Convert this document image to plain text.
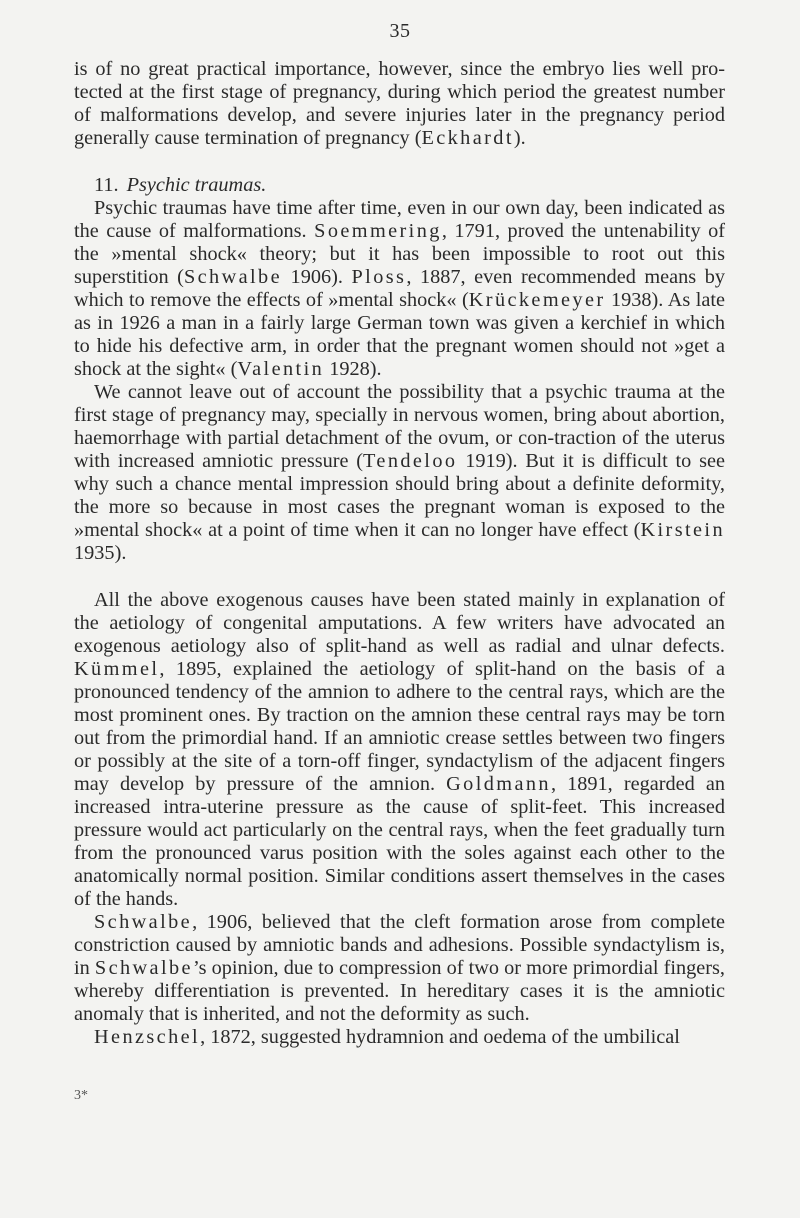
35

is of no great practical importance, however, since the embryo lies well pro-tected at the first stage of pregnancy, during which period the greatest number of malformations develop, and severe injuries later in the pregnancy period generally cause termination of pregnancy (Eckhardt).

11. Psychic traumas.

Psychic traumas have time after time, even in our own day, been indicated as the cause of malformations. Soemmering, 1791, proved the untenability of the »mental shock« theory; but it has been impossible to root out this superstition (Schwalbe 1906). Ploss, 1887, even recommended means by which to remove the effects of »mental shock« (Krückemeyer 1938). As late as in 1926 a man in a fairly large German town was given a kerchief in which to hide his defective arm, in order that the pregnant women should not »get a shock at the sight« (Valentin 1928).

We cannot leave out of account the possibility that a psychic trauma at the first stage of pregnancy may, specially in nervous women, bring about abortion, haemorrhage with partial detachment of the ovum, or con-traction of the uterus with increased amniotic pressure (Tendeloo 1919). But it is difficult to see why such a chance mental impression should bring about a definite deformity, the more so because in most cases the pregnant woman is exposed to the »mental shock« at a point of time when it can no longer have effect (Kirstein 1935).

All the above exogenous causes have been stated mainly in explanation of the aetiology of congenital amputations. A few writers have advocated an exogenous aetiology also of split-hand as well as radial and ulnar defects. Kümmel, 1895, explained the aetiology of split-hand on the basis of a pronounced tendency of the amnion to adhere to the central rays, which are the most prominent ones. By traction on the amnion these central rays may be torn out from the primordial hand. If an amniotic crease settles between two fingers or possibly at the site of a torn-off finger, syndactylism of the adjacent fingers may develop by pressure of the amnion. Goldmann, 1891, regarded an increased intra-uterine pressure as the cause of split-feet. This increased pressure would act particularly on the central rays, when the feet gradually turn from the pronounced varus position with the soles against each other to the anatomically normal position. Similar conditions assert themselves in the cases of the hands.

Schwalbe, 1906, believed that the cleft formation arose from complete constriction caused by amniotic bands and adhesions. Possible syndactylism is, in Schwalbe’s opinion, due to compression of two or more primordial fingers, whereby differentiation is prevented. In hereditary cases it is the amniotic anomaly that is inherited, and not the deformity as such.

Henzschel, 1872, suggested hydramnion and oedema of the umbilical

3*
